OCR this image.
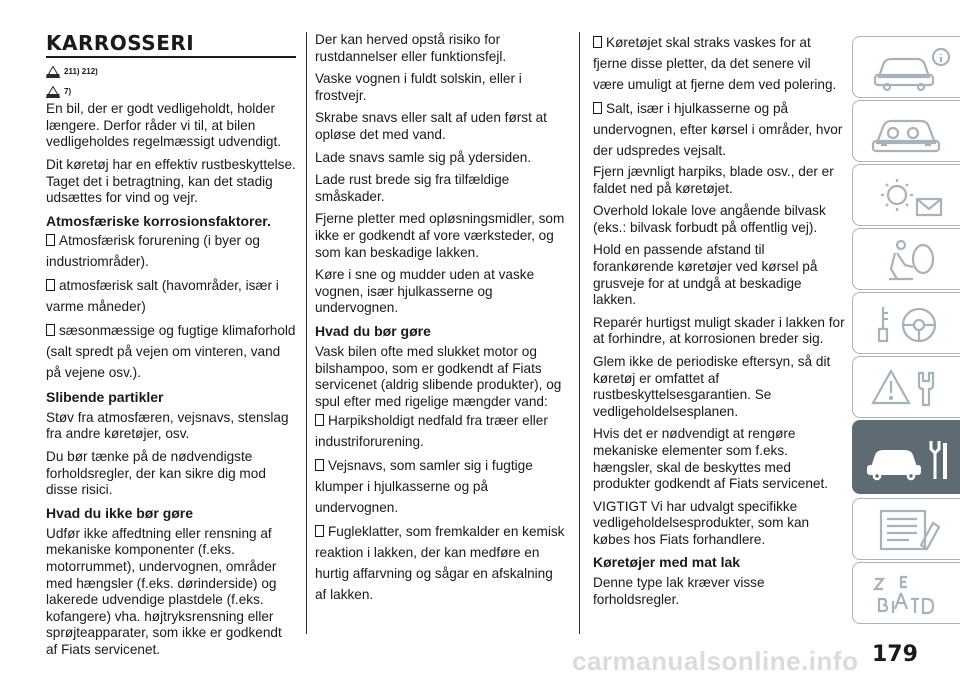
KARROSSERI
211) 212)
7)

En bil, der er godt vedligeholdt, holder længere. Derfor råder vi til, at bilen vedligeholdes regelmæssigt udvendigt.

Dit køretøj har en effektiv rustbeskyttelse. Taget det i betragtning, kan det stadig udsættes for vind og vejr.

Atmosfæriske korrosionsfaktorer.
Atmosfærisk forurening (i byer og industriområder).
atmosfærisk salt (havområder, især i varme måneder)
sæsonmæssige og fugtige klimaforhold (salt spredt på vejen om vinteren, vand på vejene osv.).
Slibende partikler

Støv fra atmosfæren, vejsnavs, stenslag fra andre køretøjer, osv.

Du bør tænke på de nødvendigste forholdsregler, der kan sikre dig mod disse risici.

Hvad du ikke bør gøre

Udfør ikke affedtning eller rensning af mekaniske komponenter (f.eks. motorrummet), undervognen, områder med hængsler (f.eks. dørinderside) og lakerede udvendige plastdele (f.eks. kofangere) vha. højtryksrensning eller sprøjteapparater, som ikke er godkendt af Fiats servicenet.

Der kan herved opstå risiko for rustdannelser eller funktionsfejl.

Vaske vognen i fuldt solskin, eller i frostvejr.

Skrabe snavs eller salt af uden først at opløse det med vand.

Lade snavs samle sig på ydersiden.

Lade rust brede sig fra tilfældige småskader.

Fjerne pletter med opløsningsmidler, som ikke er godkendt af vore værksteder, og som kan beskadige lakken.

Køre i sne og mudder uden at vaske vognen, især hjulkasserne og undervognen.

Hvad du bør gøre

Vask bilen ofte med slukket motor og bilshampoo, som er godkendt af Fiats servicenet (aldrig slibende produkter), og spul efter med rigelige mængder vand:

Harpiksholdigt nedfald fra træer eller industriforurening.
Vejsnavs, som samler sig i fugtige klumper i hjulkasserne og på undervognen.
Fugleklatter, som fremkalder en kemisk reaktion i lakken, der kan medføre en hurtig affarvning og sågar en afskalning af lakken.
Køretøjet skal straks vaskes for at fjerne disse pletter, da det senere vil være umuligt at fjerne dem ved polering.
Salt, især i hjulkasserne og på undervognen, efter kørsel i områder, hvor der udspredes vejsalt.

Fjern jævnligt harpiks, blade osv., der er faldet ned på køretøjet.

Overhold lokale love angående bilvask (eks.: bilvask forbudt på offentlig vej).

Hold en passende afstand til forankørende køretøjer ved kørsel på grusveje for at undgå at beskadige lakken.

Reparér hurtigst muligt skader i lakken for at forhindre, at korrosionen breder sig.

Glem ikke de periodiske eftersyn, så dit køretøj er omfattet af rustbeskyttelsesgarantien. Se vedligeholdelsesplanen.

Hvis det er nødvendigt at rengøre mekaniske elementer som f.eks. hængsler, skal de beskyttes med produkter godkendt af Fiats servicenet.

VIGTIGT Vi har udvalgt specifikke vedligeholdelsesprodukter, som kan købes hos Fiats forhandlere.

Køretøjer med mat lak

Denne type lak kræver visse forholdsregler.

carmanualsonline.info 179
